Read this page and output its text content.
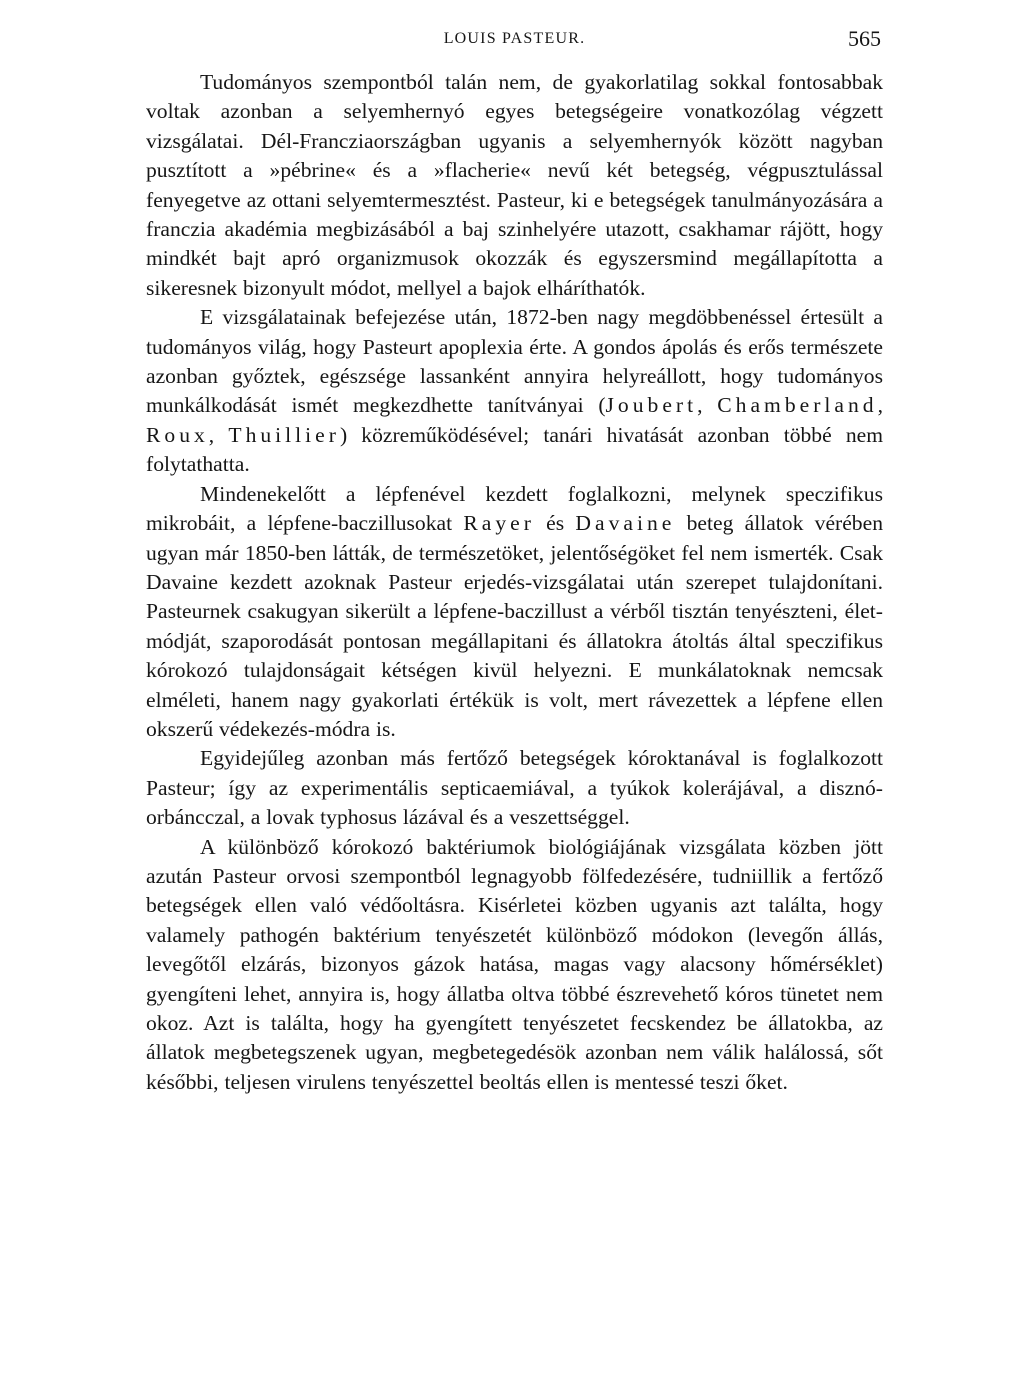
LOUIS PASTEUR.	565

Tudományos szempontból talán nem, de gyakorlatilag sokkal fontosabbak voltak azonban a selyemhernyó egyes betegségeire vonatkozólag végzett vizsgálatai. Dél-Francziaországban ugyanis a selyemhernyók között nagyban pusztított a »pébrine« és a »flacherie« nevű két betegség, végpusztulással fenyegetve az ottani selyemtermesztést. Pasteur, ki e betegségek tanulmányozására a franczia akadémia megbizásából a baj szinhelyére utazott, csakhamar rájött, hogy mindkét bajt apró organizmusok okozzák és egyszersmind megállapította a sikeresnek bizonyult módot, mellyel a bajok elháríthatók.

E vizsgálatainak befejezése után, 1872-ben nagy megdöbbenéssel értesült a tudományos világ, hogy Pasteurt apoplexia érte. A gondos ápolás és erős természete azonban győztek, egészsége lassanként annyira helyreállott, hogy tudományos munkálkodását ismét megkezdhette tanítványai (Joubert, Chamberland, Roux, Thuillier) közreműködésével; tanári hivatását azonban többé nem folytathatta.

Mindenekelőtt a lépfenével kezdett foglalkozni, melynek speczifikus mikrobáit, a lépfene-baczillusokat Rayer és Davaine beteg állatok vérében ugyan már 1850-ben látták, de természetöket, jelentőségöket fel nem ismerték. Csak Davaine kezdett azoknak Pasteur erjedés-vizsgálatai után szerepet tulajdonítani. Pasteurnek csakugyan sikerült a lépfene-baczillust a vérből tisztán tenyészteni, életmódját, szaporodását pontosan megállapitani és állatokra átoltás által speczifikus kórokozó tulajdonságait kétségen kivül helyezni. E munkálatoknak nemcsak elméleti, hanem nagy gyakorlati értékük is volt, mert rávezettek a lépfene ellen okszerű védekezés-módra is.

Egyidejűleg azonban más fertőző betegségek kóroktanával is foglalkozott Pasteur; így az experimentális septicaemiával, a tyúkok kolerájával, a disznó-orbáncczal, a lovak typhosus lázával és a veszettséggel.

A különböző kórokozó baktériumok biológiájának vizsgálata közben jött azután Pasteur orvosi szempontból legnagyobb fölfedezésére, tudniillik a fertőző betegségek ellen való védőoltásra. Kisérletei közben ugyanis azt találta, hogy valamely pathogén baktérium tenyészetét különböző módokon (levegőn állás, levegőtől elzárás, bizonyos gázok hatása, magas vagy alacsony hőmérséklet) gyengíteni lehet, annyira is, hogy állatba oltva többé észrevehető kóros tünetet nem okoz. Azt is találta, hogy ha gyengített tenyészetet fecskendez be állatokba, az állatok megbetegszenek ugyan, megbetegedésök azonban nem válik halálossá, sőt későbbi, teljesen virulens tenyészettel beoltás ellen is mentessé teszi őket.
